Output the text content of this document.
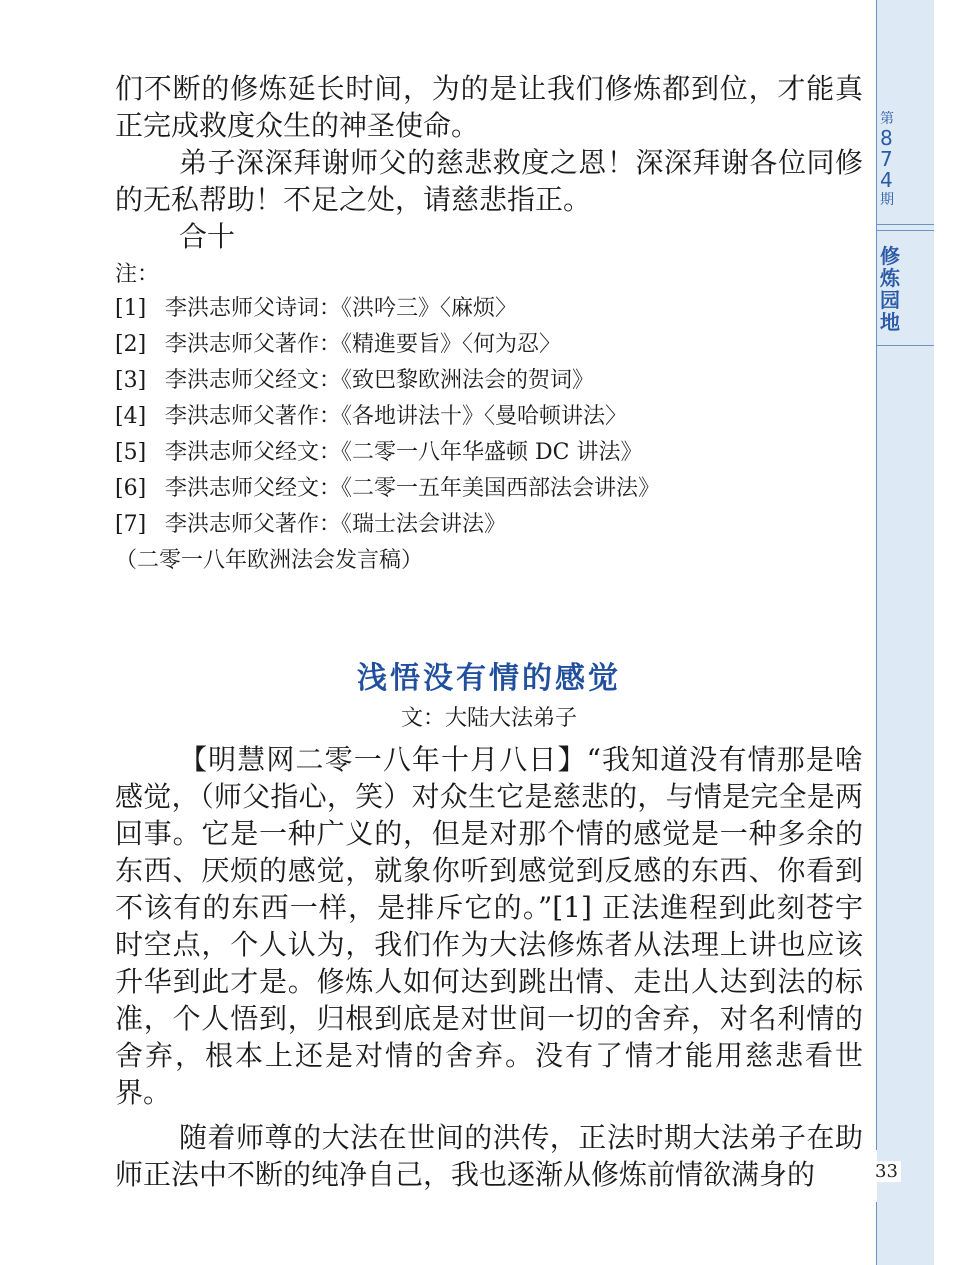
第
8
7
4
期
修炼园地

们不断的修炼延长时间，为的是让我们修炼都到位，才能真正完成救度众生的神圣使命。

弟子深深拜谢师父的慈悲救度之恩！深深拜谢各位同修的无私帮助！不足之处，请慈悲指正。

合十

注：

[1] 李洪志师父诗词：《洪吟三》〈麻烦〉

[2] 李洪志师父著作：《精進要旨》〈何为忍〉

[3] 李洪志师父经文：《致巴黎欧洲法会的贺词》

[4] 李洪志师父著作：《各地讲法十》〈曼哈顿讲法〉

[5] 李洪志师父经文：《二零一八年华盛顿 DC 讲法》

[6] 李洪志师父经文：《二零一五年美国西部法会讲法》

[7] 李洪志师父著作：《瑞士法会讲法》

（二零一八年欧洲法会发言稿）

浅悟没有情的感觉

文：大陆大法弟子

【明慧网二零一八年十月八日】“我知道没有情那是啥感觉，（师父指心，笑）对众生它是慈悲的，与情是完全是两回事。它是一种广义的，但是对那个情的感觉是一种多余的东西、厌烦的感觉，就象你听到感觉到反感的东西、你看到不该有的东西一样，是排斥它的。”[1] 正法進程到此刻苍宇时空点，个人认为，我们作为大法修炼者从法理上讲也应该升华到此才是。修炼人如何达到跳出情、走出人达到法的标准，个人悟到，归根到底是对世间一切的舍弃，对名利情的舍弃，根本上还是对情的舍弃。没有了情才能用慈悲看世界。

随着师尊的大法在世间的洪传，正法时期大法弟子在助师正法中不断的纯净自己，我也逐渐从修炼前情欲满身的	33
